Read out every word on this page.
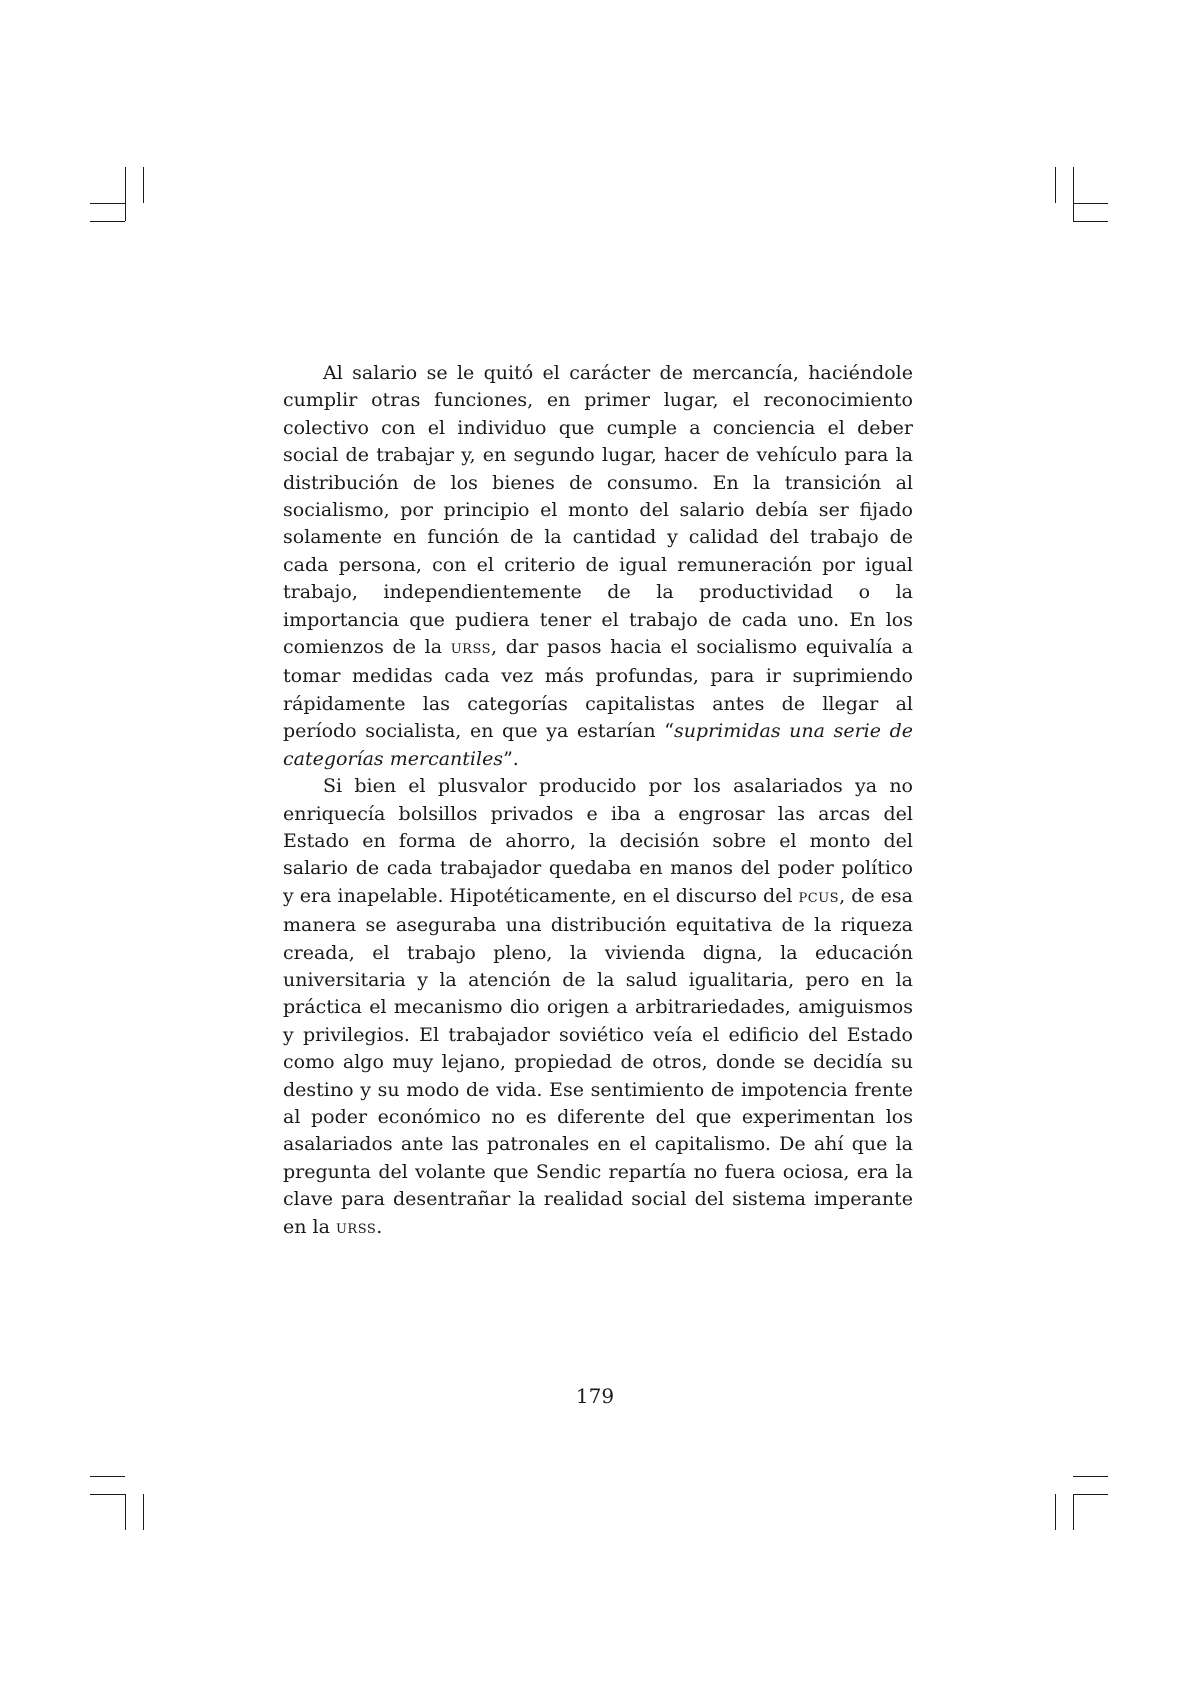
Al salario se le quitó el carácter de mercancía, haciéndole cumplir otras funciones, en primer lugar, el reconocimiento colectivo con el individuo que cumple a conciencia el deber social de trabajar y, en segundo lugar, hacer de vehículo para la distribución de los bienes de consumo. En la transición al socialismo, por principio el monto del salario debía ser fijado solamente en función de la cantidad y calidad del trabajo de cada persona, con el criterio de igual remuneración por igual trabajo, independientemente de la productividad o la importancia que pudiera tener el trabajo de cada uno. En los comienzos de la URSS, dar pasos hacia el socialismo equivalía a tomar medidas cada vez más profundas, para ir suprimiendo rápidamente las categorías capitalistas antes de llegar al período socialista, en que ya estarían “suprimidas una serie de categorías mercantiles”.

Si bien el plusvalor producido por los asalariados ya no enriquecía bolsillos privados e iba a engrosar las arcas del Estado en forma de ahorro, la decisión sobre el monto del salario de cada trabajador quedaba en manos del poder político y era inapelable. Hipotéticamente, en el discurso del PCUS, de esa manera se aseguraba una distribución equitativa de la riqueza creada, el trabajo pleno, la vivienda digna, la educación universitaria y la atención de la salud igualitaria, pero en la práctica el mecanismo dio origen a arbitrariedades, amiguismos y privilegios. El trabajador soviético veía el edificio del Estado como algo muy lejano, propiedad de otros, donde se decidía su destino y su modo de vida. Ese sentimiento de impotencia frente al poder económico no es diferente del que experimentan los asalariados ante las patronales en el capitalismo. De ahí que la pregunta del volante que Sendic repartía no fuera ociosa, era la clave para desentrañar la realidad social del sistema imperante en la URSS.

179
